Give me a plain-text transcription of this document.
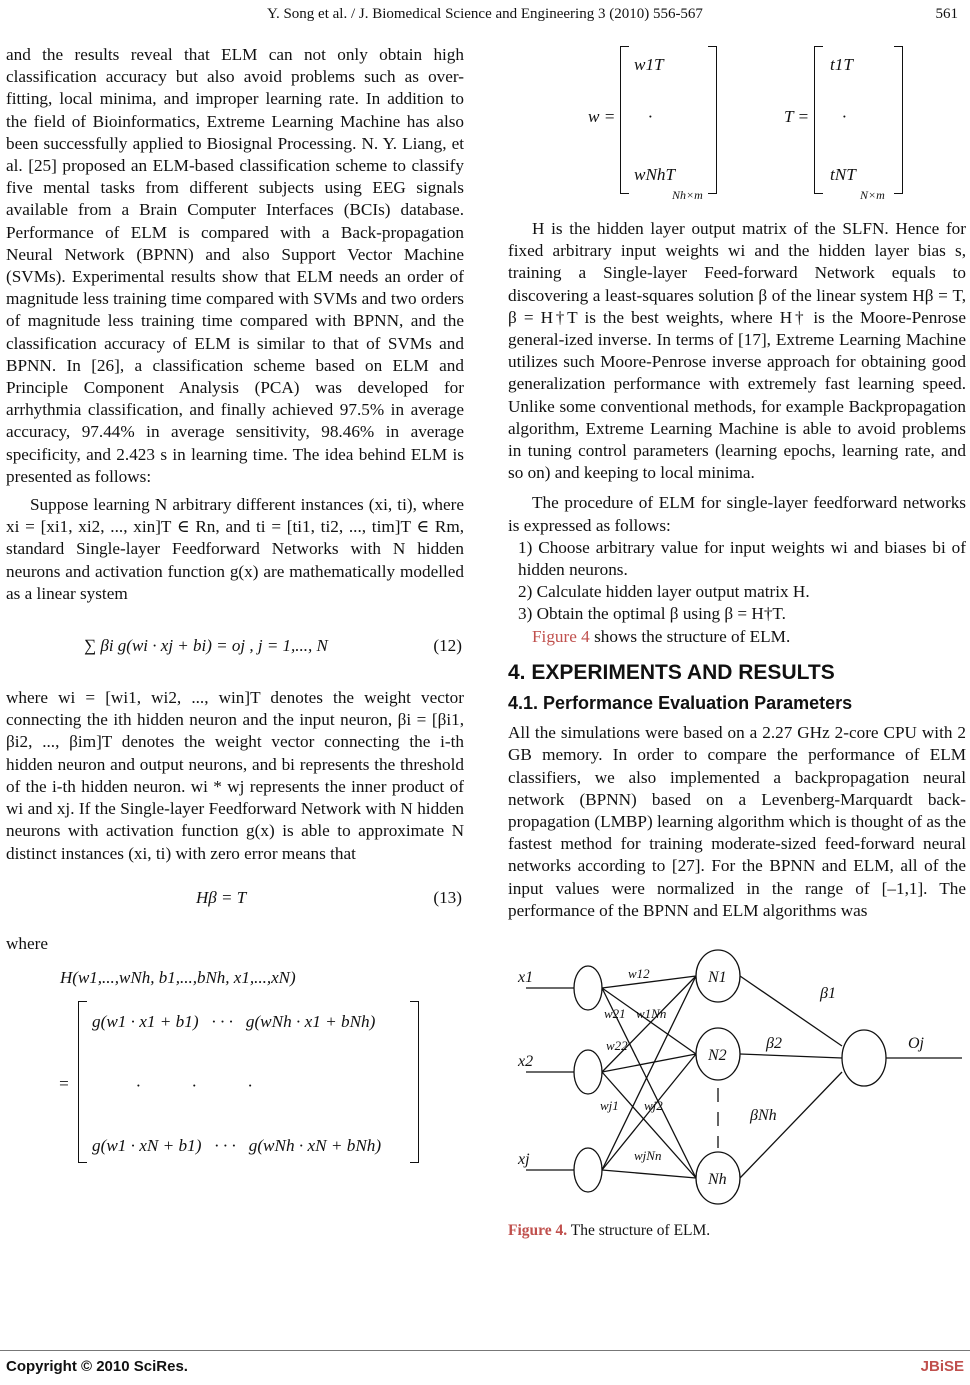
Y. Song et al. / J. Biomedical Science and Engineering 3 (2010) 556-567	561

and the results reveal that ELM can not only obtain high classification accuracy but also avoid problems such as over-fitting, local minima, and improper learning rate. In addition to the field of Bioinformatics, Extreme Learning Machine has also been successfully applied to Biosignal Processing. N. Y. Liang, et al. [25] proposed an ELM-based classification scheme to classify five mental tasks from different subjects using EEG signals available from a Brain Computer Interfaces (BCIs) database. Performance of ELM is compared with a Back-propagation Neural Network (BPNN) and also Support Vector Machine (SVMs). Experimental results show that ELM needs an order of magnitude less training time compared with SVMs and two orders of magnitude less training time compared with BPNN, and the classification accuracy of ELM is similar to that of SVMs and BPNN. In [26], a classification scheme based on ELM and Principle Component Analysis (PCA) was developed for arrhythmia classification, and finally achieved 97.5% in average accuracy, 97.44% in average sensitivity, 98.46% in average specificity, and 2.423 s in learning time. The idea behind ELM is presented as follows:

Suppose learning N arbitrary different instances (xi, ti), where xi = [xi1, xi2, ..., xin]T ∈ Rn, and ti = [ti1, ti2, ..., tim]T ∈ Rm, standard Single-layer Feedforward Networks with N hidden neurons and activation function g(x) are mathematically modelled as a linear system

∑ βi g(wi · xj + bi) = oj , j = 1,..., N	(12)

where wi = [wi1, wi2, ..., win]T denotes the weight vector connecting the ith hidden neuron and the input neuron, βi = [βi1, βi2, ..., βim]T denotes the weight vector connecting the i-th hidden neuron and output neurons, and bi represents the threshold of the i-th hidden neuron. wi * wj represents the inner product of wi and xj. If the Single-layer Feedforward Network with N hidden neurons with activation function g(x) is able to approximate N distinct instances (xi, ti) with zero error means that

Hβ = T	(13)

where

H(w1,...,wNh, b1,...,bNh, x1,...,xN)
=
g(w1 · x1 + b1)   · · ·   g(wNh · x1 + bNh)
·            ·            ·
g(w1 · xN + b1)   · · ·   g(wNh · xN + bNh)
w =
w1T
·
wNhT
Nh×m
T =
t1T
·
tNT
N×m

H is the hidden layer output matrix of the SLFN. Hence for fixed arbitrary input weights wi and the hidden layer bias s, training a Single-layer Feed-forward Network equals to discovering a least-squares solution β of the linear system Hβ = T, β = H†T is the best weights, where H† is the Moore-Penrose general-ized inverse. In terms of [17], Extreme Learning Machine utilizes such Moore-Penrose inverse approach for obtaining good generalization performance with extremely fast learning speed. Unlike some conventional methods, for example Backpropagation algorithm, Extreme Learning Machine is able to avoid problems in tuning control parameters (learning epochs, learning rate, and so on) and keeping to local minima.

The procedure of ELM for single-layer feedforward networks is expressed as follows:

1) Choose arbitrary value for input weights wi and biases bi of hidden neurons.

2) Calculate hidden layer output matrix H.

3) Obtain the optimal β using β = H†T.

Figure 4 shows the structure of ELM.

4. EXPERIMENTS AND RESULTS
4.1. Performance Evaluation Parameters

All the simulations were based on a 2.27 GHz 2-core CPU with 2 GB memory. In order to compare the performance of ELM classifiers, we also implemented a backpropagation neural network (BPNN) based on a Levenberg-Marquardt back-propagation (LMBP) learning algorithm which is thought of as the fastest method for training moderate-sized feed-forward neural networks according to [27]. For the BPNN and ELM, all of the input values were normalized in the range of [–1,1]. The performance of the BPNN and ELM algorithms was

x1
x2
xj
N1
N2
Nh
w12
w21 w1Nn
w22
wj1 wj2
wjNn
β1
β2
βNh
Oj
Figure 4. The structure of ELM.
Copyright © 2010 SciRes.	JBiSE
